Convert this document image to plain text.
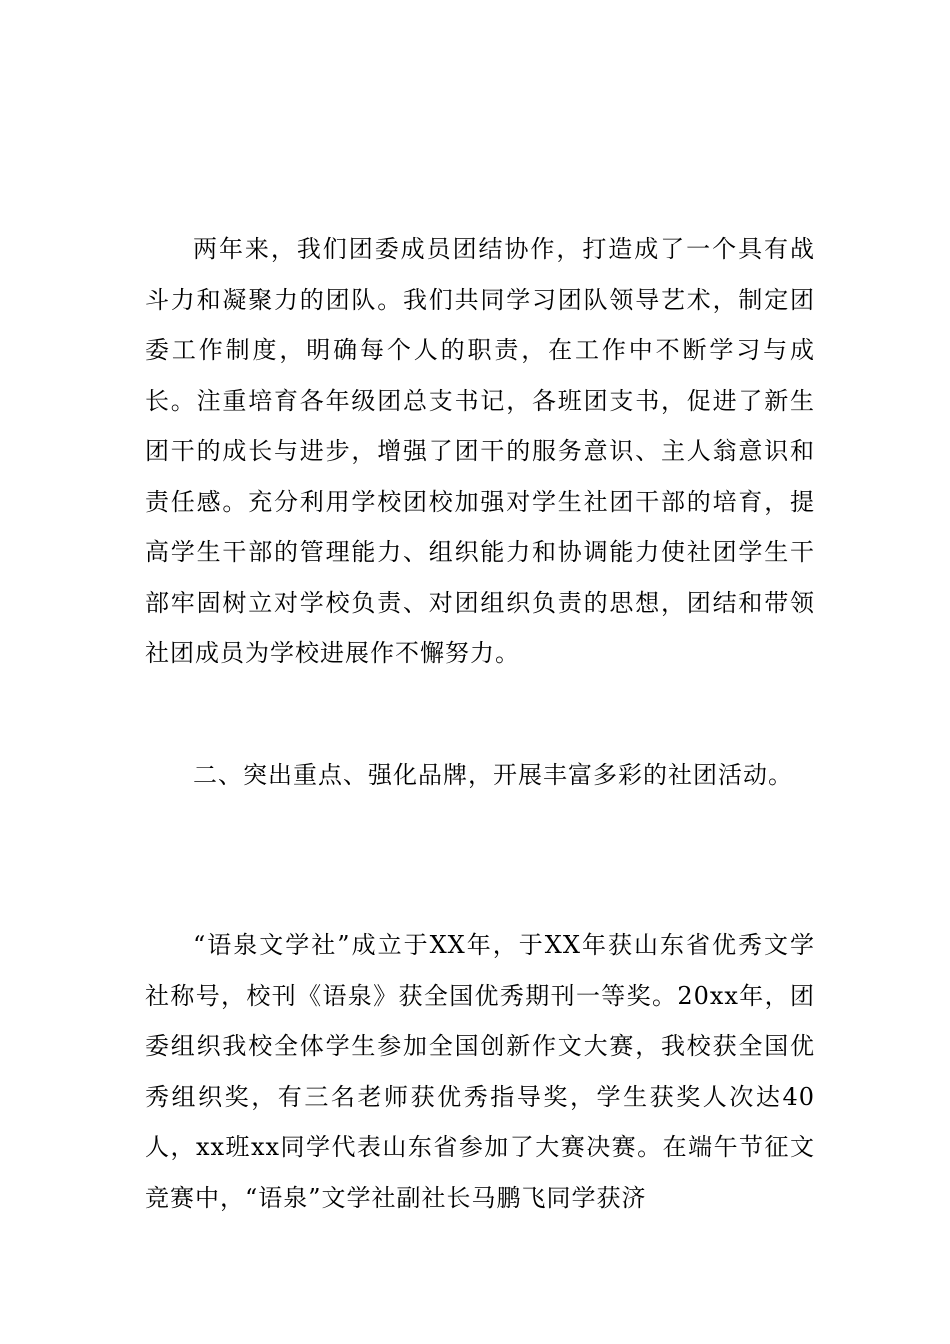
两年来，我们团委成员团结协作，打造成了一个具有战斗力和凝聚力的团队。我们共同学习团队领导艺术，制定团委工作制度，明确每个人的职责，在工作中不断学习与成长。注重培育各年级团总支书记，各班团支书，促进了新生团干的成长与进步，增强了团干的服务意识、主人翁意识和责任感。充分利用学校团校加强对学生社团干部的培育，提高学生干部的管理能力、组织能力和协调能力使社团学生干部牢固树立对学校负责、对团组织负责的思想，团结和带领社团成员为学校进展作不懈努力。

二、突出重点、强化品牌，开展丰富多彩的社团活动。

“语泉文学社”成立于XX年，于XX年获山东省优秀文学社称号，校刊《语泉》获全国优秀期刊一等奖。20xx年，团委组织我校全体学生参加全国创新作文大赛，我校获全国优秀组织奖，有三名老师获优秀指导奖，学生获奖人次达40人，xx班xx同学代表山东省参加了大赛决赛。在端午节征文竞赛中，“语泉”文学社副社长马鹏飞同学获济
